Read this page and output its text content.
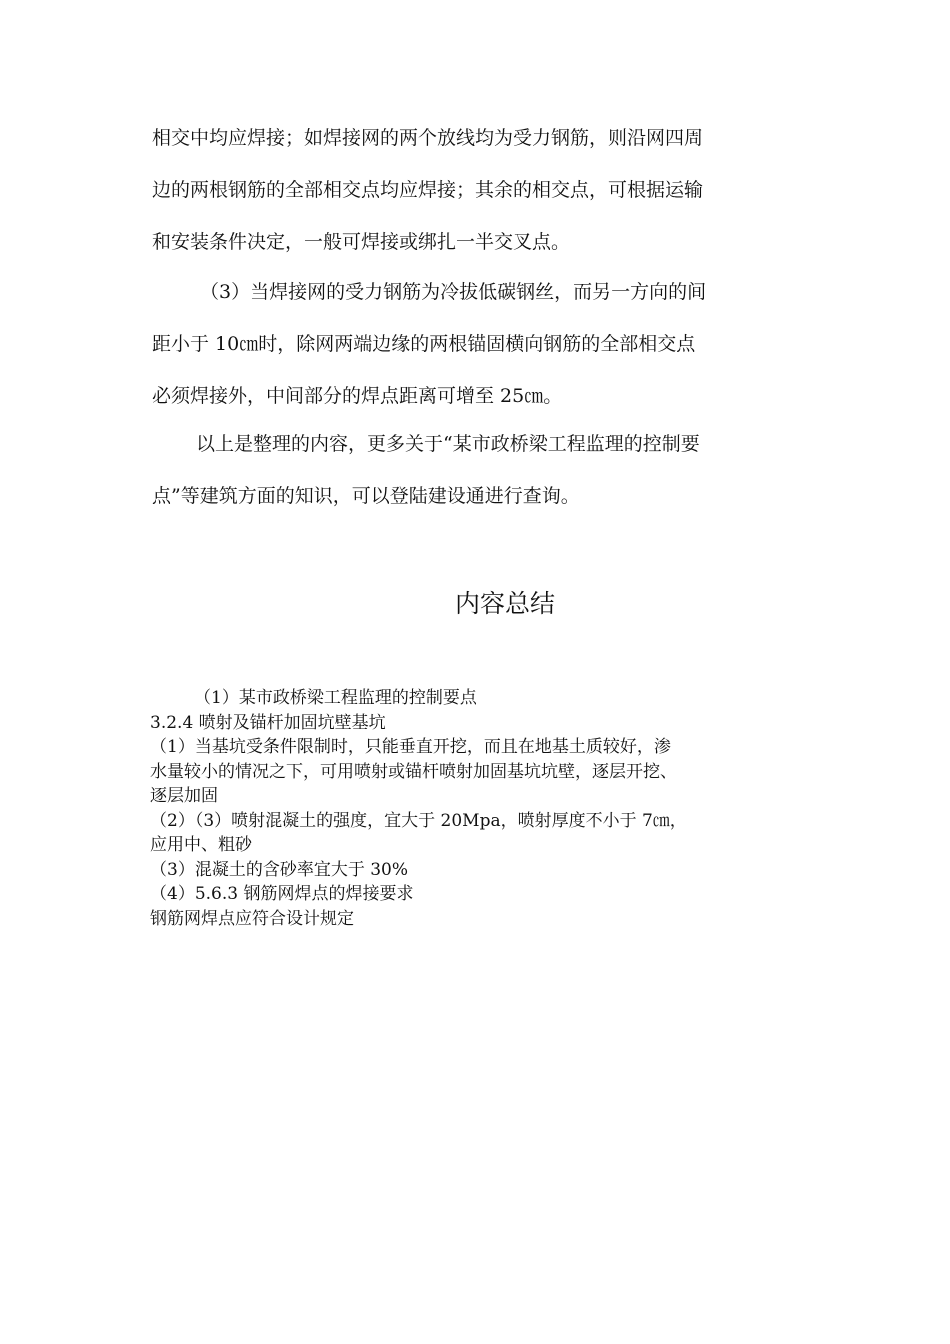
相交中均应焊接；如焊接网的两个放线均为受力钢筋，则沿网四周

边的两根钢筋的全部相交点均应焊接；其余的相交点，可根据运输

和安装条件决定，一般可焊接或绑扎一半交叉点。

（3）当焊接网的受力钢筋为冷拔低碳钢丝，而另一方向的间

距小于 10㎝时，除网两端边缘的两根锚固横向钢筋的全部相交点

必须焊接外，中间部分的焊点距离可增至 25㎝。

以上是整理的内容，更多关于“某市政桥梁工程监理的控制要

点”等建筑方面的知识，可以登陆建设通进行查询。

内容总结
（1）某市政桥梁工程监理的控制要点
3.2.4 喷射及锚杆加固坑壁基坑
（1）当基坑受条件限制时，只能垂直开挖，而且在地基土质较好，渗
水量较小的情况之下，可用喷射或锚杆喷射加固基坑坑壁，逐层开挖、
逐层加固
（2）（3）喷射混凝土的强度，宜大于 20Mpa，喷射厚度不小于 7㎝，
应用中、粗砂
（3）混凝土的含砂率宜大于 30%
（4）5.6.3 钢筋网焊点的焊接要求
钢筋网焊点应符合设计规定
